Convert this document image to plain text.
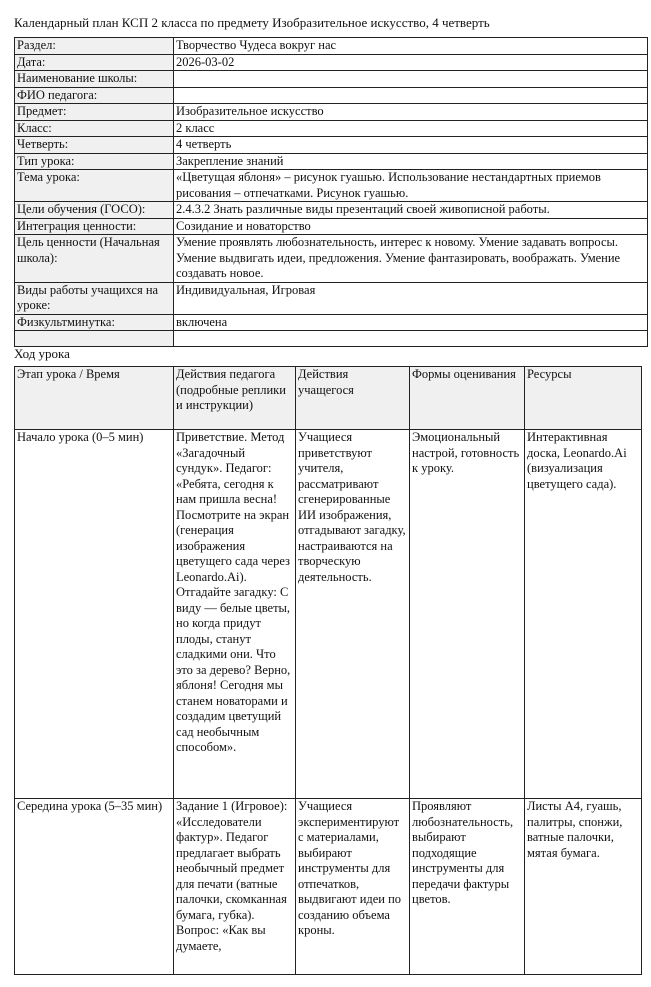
Календарный план КСП 2 класса по предмету Изобразительное искусство, 4 четверть
Раздел:	Творчество Чудеса вокруг нас
Дата:	2026-03-02
Наименование школы:	
ФИО педагога:	
Предмет:	Изобразительное искусство
Класс:	2 класс
Четверть:	4 четверть
Тип урока:	Закрепление знаний
Тема урока:	«Цветущая яблоня» – рисунок гуашью. Использование нестандартных приемов рисования – отпечатками. Рисунок гуашью.
Цели обучения (ГОСО):	2.4.3.2 Знать различные виды презентаций своей живописной работы.
Интеграция ценности:	Созидание и новаторство
Цель ценности (Начальная школа):	Умение проявлять любознательность, интерес к новому. Умение задавать вопросы. Умение выдвигать идеи, предложения. Умение фантазировать, воображать. Умение создавать новое.
Виды работы учащихся на уроке:	Индивидуальная, Игровая
Физкультминутка:	включена

Ход урока
Этап урока / Время	Действия педагога (подробные реплики и инструкции)	Действия учащегося	Формы оценивания	Ресурсы
Начало урока (0–5 мин)	Приветствие. Метод «Загадочный сундук». Педагог: «Ребята, сегодня к нам пришла весна! Посмотрите на экран (генерация изображения цветущего сада через Leonardo.Ai). Отгадайте загадку: С виду — белые цветы, но когда придут плоды, станут сладкими они. Что это за дерево? Верно, яблоня! Сегодня мы станем новаторами и создадим цветущий сад необычным способом».	Учащиеся приветствуют учителя, рассматривают сгенерированные ИИ изображения, отгадывают загадку, настраиваются на творческую деятельность.	Эмоциональный настрой, готовность к уроку.	Интерактивная доска, Leonardo.Ai (визуализация цветущего сада).
Середина урока (5–35 мин)	Задание 1 (Игровое): «Исследователи фактур». Педагог предлагает выбрать необычный предмет для печати (ватные палочки, скомканная бумага, губка). Вопрос: «Как вы думаете,	Учащиеся экспериментируют с материалами, выбирают инструменты для отпечатков, выдвигают идеи по созданию объема кроны.	Проявляют любознательность, выбирают подходящие инструменты для передачи фактуры цветов.	Листы А4, гуашь, палитры, спонжи, ватные палочки, мятая бумага.
